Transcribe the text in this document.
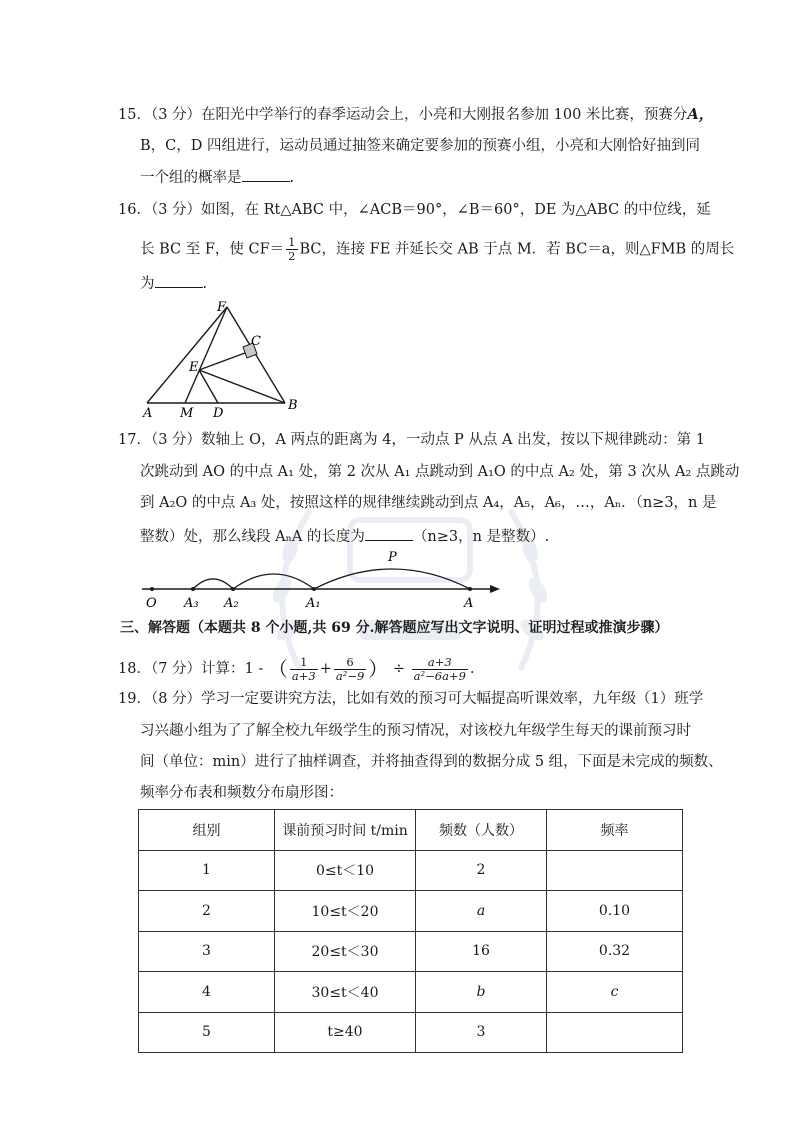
15．（3 分）在阳光中学举行的春季运动会上，小亮和大刚报名参加 100 米比赛，预赛分A，
B，C，D 四组进行，运动员通过抽签来确定要参加的预赛小组，小亮和大刚恰好抽到同
一个组的概率是	.
16．（3 分）如图，在 Rt△ABC 中，∠ACB＝90°，∠B＝60°，DE 为△ABC 的中位线，延
长 BC 至 F，使 $CF= \frac{1}{2}$ BC，连接 FE 并延长交 AB 于点 M．若 BC＝a，则△FMB 的周长
为	.
F
C
E
A M D
B
17．（3 分）数轴上 O，A 两点的距离为 4，一动点 P 从点 A 出发，按以下规律跳动：第 1
次跳动到 AO 的中点 A₁ 处，第 2 次从 A₁ 点跳动到 A₁O 的中点 A₂ 处，第 3 次从 A₂ 点跳动
到 A₂O 的中点 A₃ 处，按照这样的规律继续跳动到点 A₄，A₅，A₆，…，Aₙ．（n≥3，n 是
整数）处，那么线段 AₙA 的长度为	（n≥3，n 是整数）.
O A₃ A₂	A₁	A
P
三、解答题（本题共 8 个小题,共 69 分.解答题应写出文字说明、证明过程或推演步骤）
18．（7 分）计算：1 - （ $\frac{1}{a+3} + \frac{6}{\text{a²−9}}$ ） ÷ $\frac{a+3}{\text{a²−6a+9}}$ .
19．（8 分）学习一定要讲究方法，比如有效的预习可大幅提高听课效率，九年级（1）班学
习兴趣小组为了了解全校九年级学生的预习情况，对该校九年级学生每天的课前预习时
间（单位：min）进行了抽样调查，并将抽查得到的数据分成 5 组，下面是未完成的频数、
频率分布表和频数分布扇形图：
组别	课前预习时间 t/min	频数（人数）	频率
1	0≤t＜10	2	
2	10≤t＜20	a	0.10
3	20≤t＜30	16	0.32
4	30≤t＜40	b	c
5	t≥40	3	
